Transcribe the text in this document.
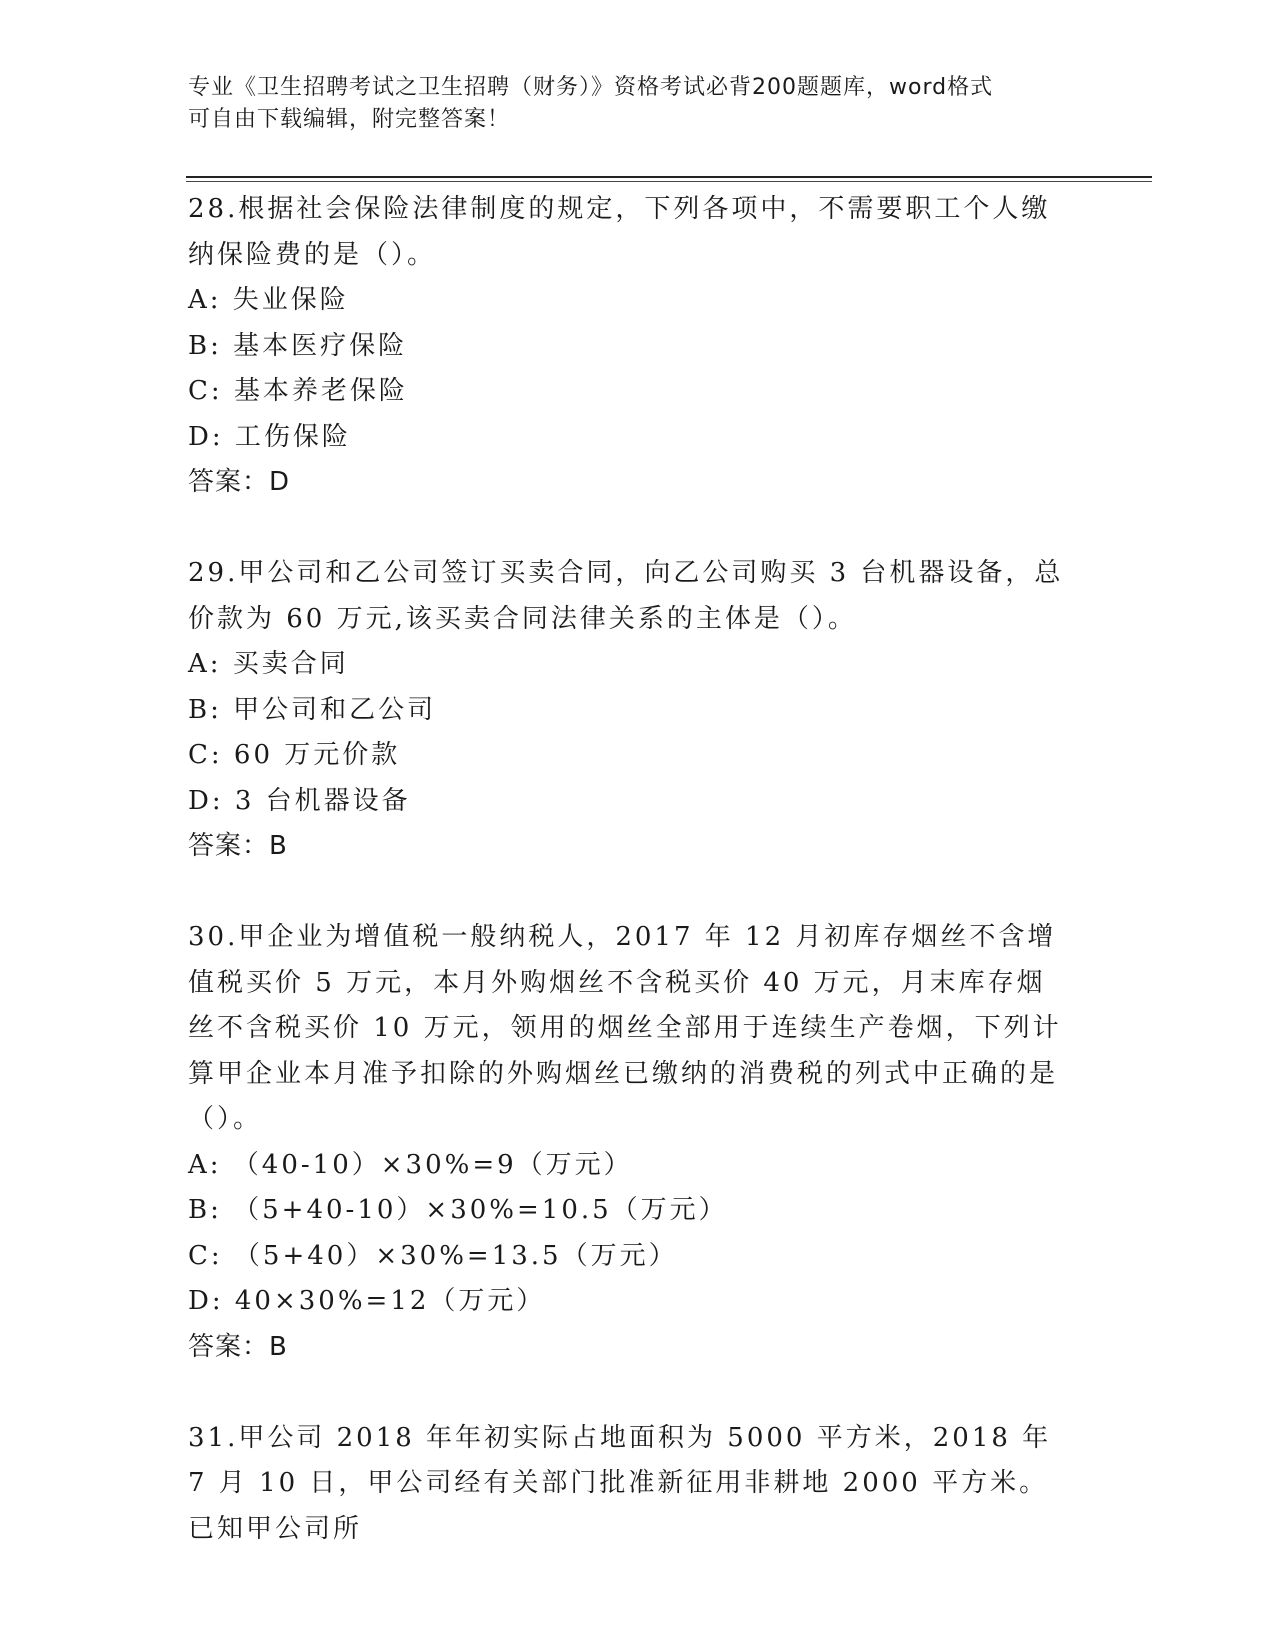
专业《卫生招聘考试之卫生招聘（财务）》资格考试必背200题题库，word格式
可自由下载编辑，附完整答案！

28.根据社会保险法律制度的规定，下列各项中，不需要职工个人缴纳保险费的是（）。

A: 失业保险
B: 基本医疗保险
C: 基本养老保险
D: 工伤保险
答案：D

29.甲公司和乙公司签订买卖合同，向乙公司购买 3 台机器设备，总价款为 60 万元,该买卖合同法律关系的主体是（）。

A: 买卖合同
B: 甲公司和乙公司
C: 60 万元价款
D: 3 台机器设备
答案：B

30.甲企业为增值税一般纳税人，2017 年 12 月初库存烟丝不含增值税买价 5 万元，本月外购烟丝不含税买价 40 万元，月末库存烟丝不含税买价 10 万元，领用的烟丝全部用于连续生产卷烟，下列计算甲企业本月准予扣除的外购烟丝已缴纳的消费税的列式中正确的是（）。

A: （40-10）×30%=9（万元）
B: （5+40-10）×30%=10.5（万元）
C: （5+40）×30%=13.5（万元）
D: 40×30%=12（万元）
答案：B

31.甲公司 2018 年年初实际占地面积为 5000 平方米，2018 年 7 月 10 日，甲公司经有关部门批准新征用非耕地 2000 平方米。已知甲公司所
